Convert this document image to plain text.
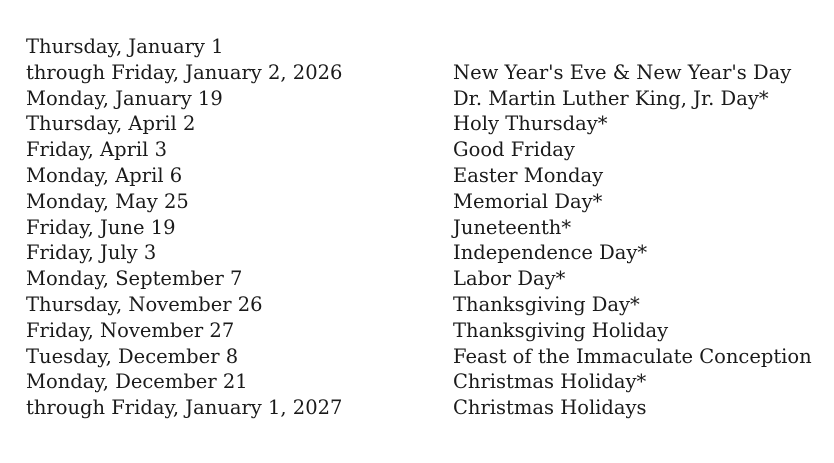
Thursday, January 1
through Friday, January 2, 2026	New Year's Eve & New Year's Day
Monday, January 19	Dr. Martin Luther King, Jr. Day*
Thursday, April 2	Holy Thursday*
Friday, April 3	Good Friday
Monday, April 6	Easter Monday
Monday, May 25	Memorial Day*
Friday, June 19	Juneteenth*
Friday, July 3	Independence Day*
Monday, September 7	Labor Day*
Thursday, November 26	Thanksgiving Day*
Friday, November 27	Thanksgiving Holiday
Tuesday, December 8	Feast of the Immaculate Conception
Monday, December 21	Christmas Holiday*
through Friday, January 1, 2027	Christmas Holidays
